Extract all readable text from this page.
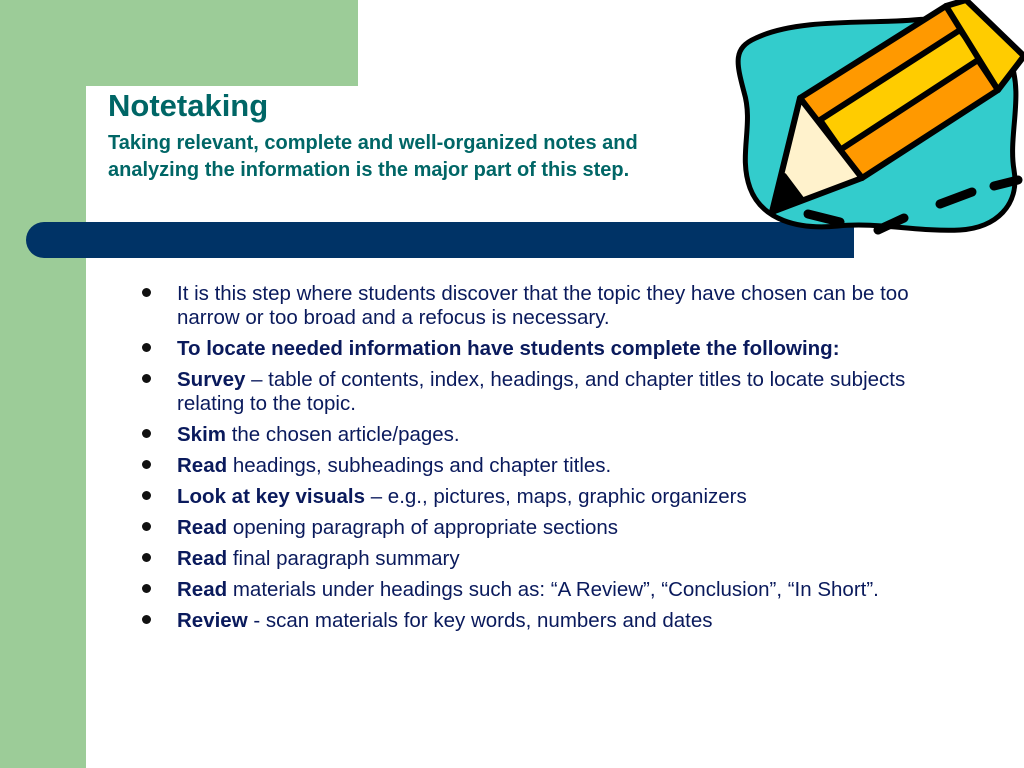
Notetaking

Taking relevant, complete and well-organized notes and analyzing the information is the major part of this step.

It is this step where students discover that the topic they have chosen can be too narrow or too broad and a refocus is necessary.
To locate needed information have students complete the following:
Survey – table of contents, index, headings, and chapter titles to locate subjects relating to the topic.
Skim the chosen article/pages.
Read headings, subheadings and chapter titles.
Look at key visuals – e.g., pictures, maps, graphic organizers
Read opening paragraph of appropriate sections
Read final paragraph summary
Read materials under headings such as: “A Review”, “Conclusion”, “In Short”.
Review - scan materials for key words, numbers and dates
